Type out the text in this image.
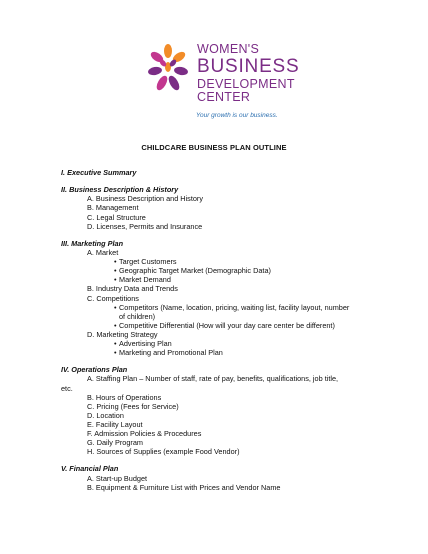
WOMEN'S
BUSINESS
DEVELOPMENT
CENTER
Your growth is our business.
CHILDCARE BUSINESS PLAN OUTLINE
I. Executive Summary
II. Business Description & History
A. Business Description and History
B. Management
C. Legal Structure
D. Licenses, Permits and Insurance
III. Marketing Plan
A. Market
• Target Customers
• Geographic Target Market (Demographic Data)
• Market Demand
B. Industry Data and Trends
C. Competitions
• Competitors (Name, location, pricing, waiting list, facility layout, number
of children)
• Competitive Differential (How will your day care center be different)
D. Marketing Strategy
• Advertising Plan
• Marketing and Promotional Plan
IV. Operations Plan
A. Staffing Plan – Number of staff, rate of pay, benefits, qualifications, job title,
etc.
B. Hours of Operations
C. Pricing (Fees for Service)
D. Location
E. Facility Layout
F. Admission Policies & Procedures
G. Daily Program
H. Sources of Supplies (example Food Vendor)
V. Financial Plan
A. Start-up Budget
B. Equipment & Furniture List with Prices and Vendor Name
